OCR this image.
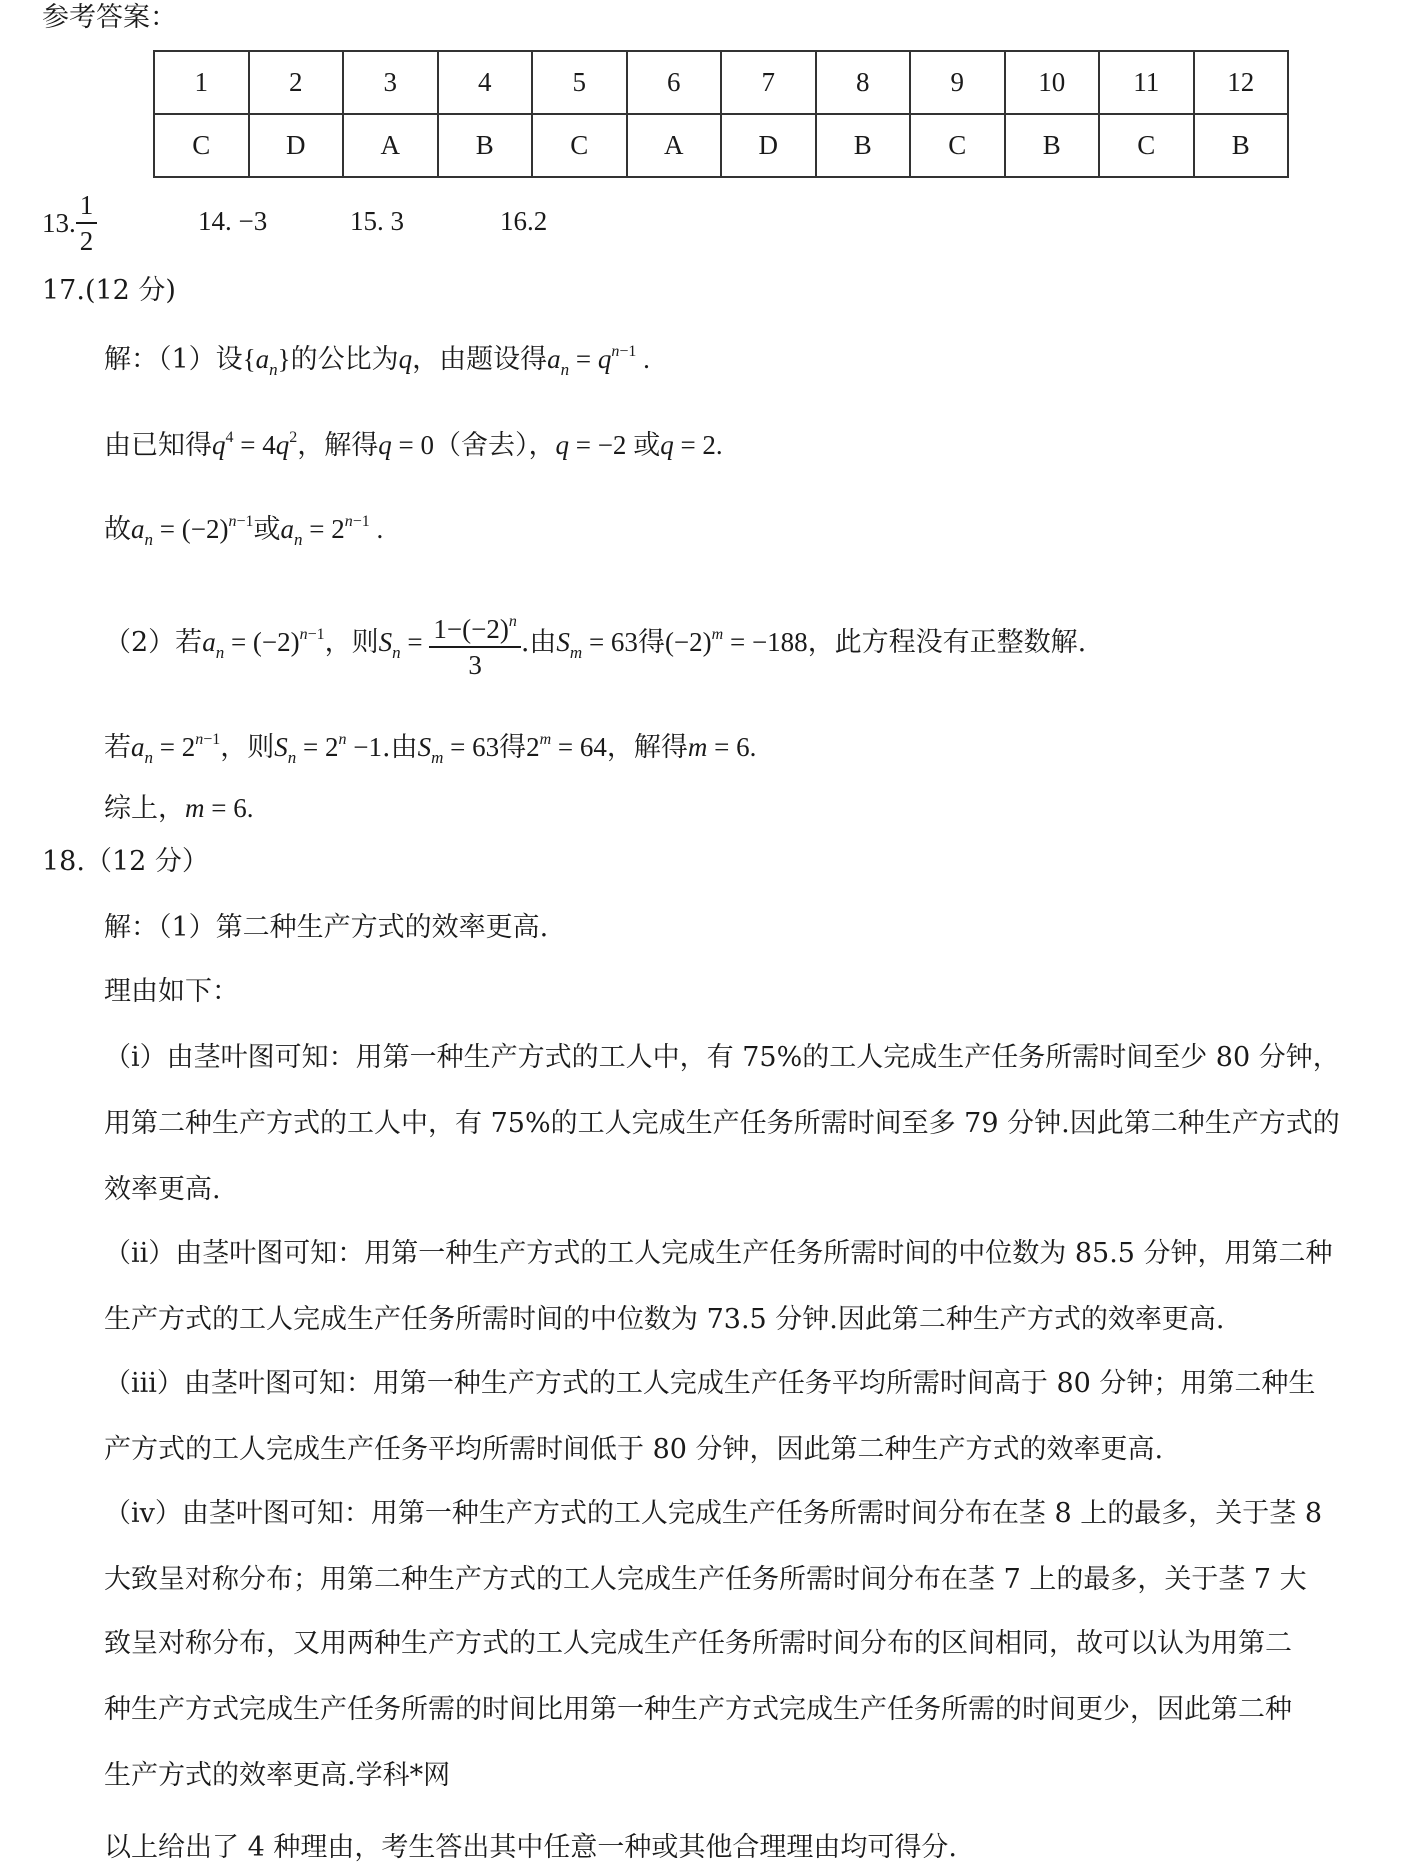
参考答案：
1	2	3	4	5	6	7	8	9	10	11	12
C	D	A	B	C	A	D	B	C	B	C	B
13. $\frac{1}{2}$	14. −3	15. 3	16.2
17.(12 分)
解：（1）设$\{a_n\}$的公比为q，由题设得$a_n = q^{n-1}$ .
由已知得$q^4 = 4q^2$，解得q = 0（舍去），q = −2 或q = 2.
故$a_n = (-2)^{n-1}$或$a_n = 2^{n-1}$ .
（2）若$a_n = (-2)^{n-1}$，则$S_n = \frac{1-(-2)^n}{3}$ .由$S_m = 63$得$(-2)^m = -188$，此方程没有正整数解.
若$a_n = 2^{n-1}$，则$S_n = 2^n -1$.由$S_m = 63$得$2^m = 64$，解得m = 6.
综上，m = 6.
18.（12 分）
解：（1）第二种生产方式的效率更高.
理由如下：
（i）由茎叶图可知：用第一种生产方式的工人中，有 75%的工人完成生产任务所需时间至少 80 分钟，
用第二种生产方式的工人中，有 75%的工人完成生产任务所需时间至多 79 分钟.因此第二种生产方式的
效率更高.
（ii）由茎叶图可知：用第一种生产方式的工人完成生产任务所需时间的中位数为 85.5 分钟，用第二种
生产方式的工人完成生产任务所需时间的中位数为 73.5 分钟.因此第二种生产方式的效率更高.
（iii）由茎叶图可知：用第一种生产方式的工人完成生产任务平均所需时间高于 80 分钟；用第二种生
产方式的工人完成生产任务平均所需时间低于 80 分钟，因此第二种生产方式的效率更高.
（iv）由茎叶图可知：用第一种生产方式的工人完成生产任务所需时间分布在茎 8 上的最多，关于茎 8
大致呈对称分布；用第二种生产方式的工人完成生产任务所需时间分布在茎 7 上的最多，关于茎 7 大
致呈对称分布，又用两种生产方式的工人完成生产任务所需时间分布的区间相同，故可以认为用第二
种生产方式完成生产任务所需的时间比用第一种生产方式完成生产任务所需的时间更少，因此第二种
生产方式的效率更高.学科*网
以上给出了 4 种理由，考生答出其中任意一种或其他合理理由均可得分.
